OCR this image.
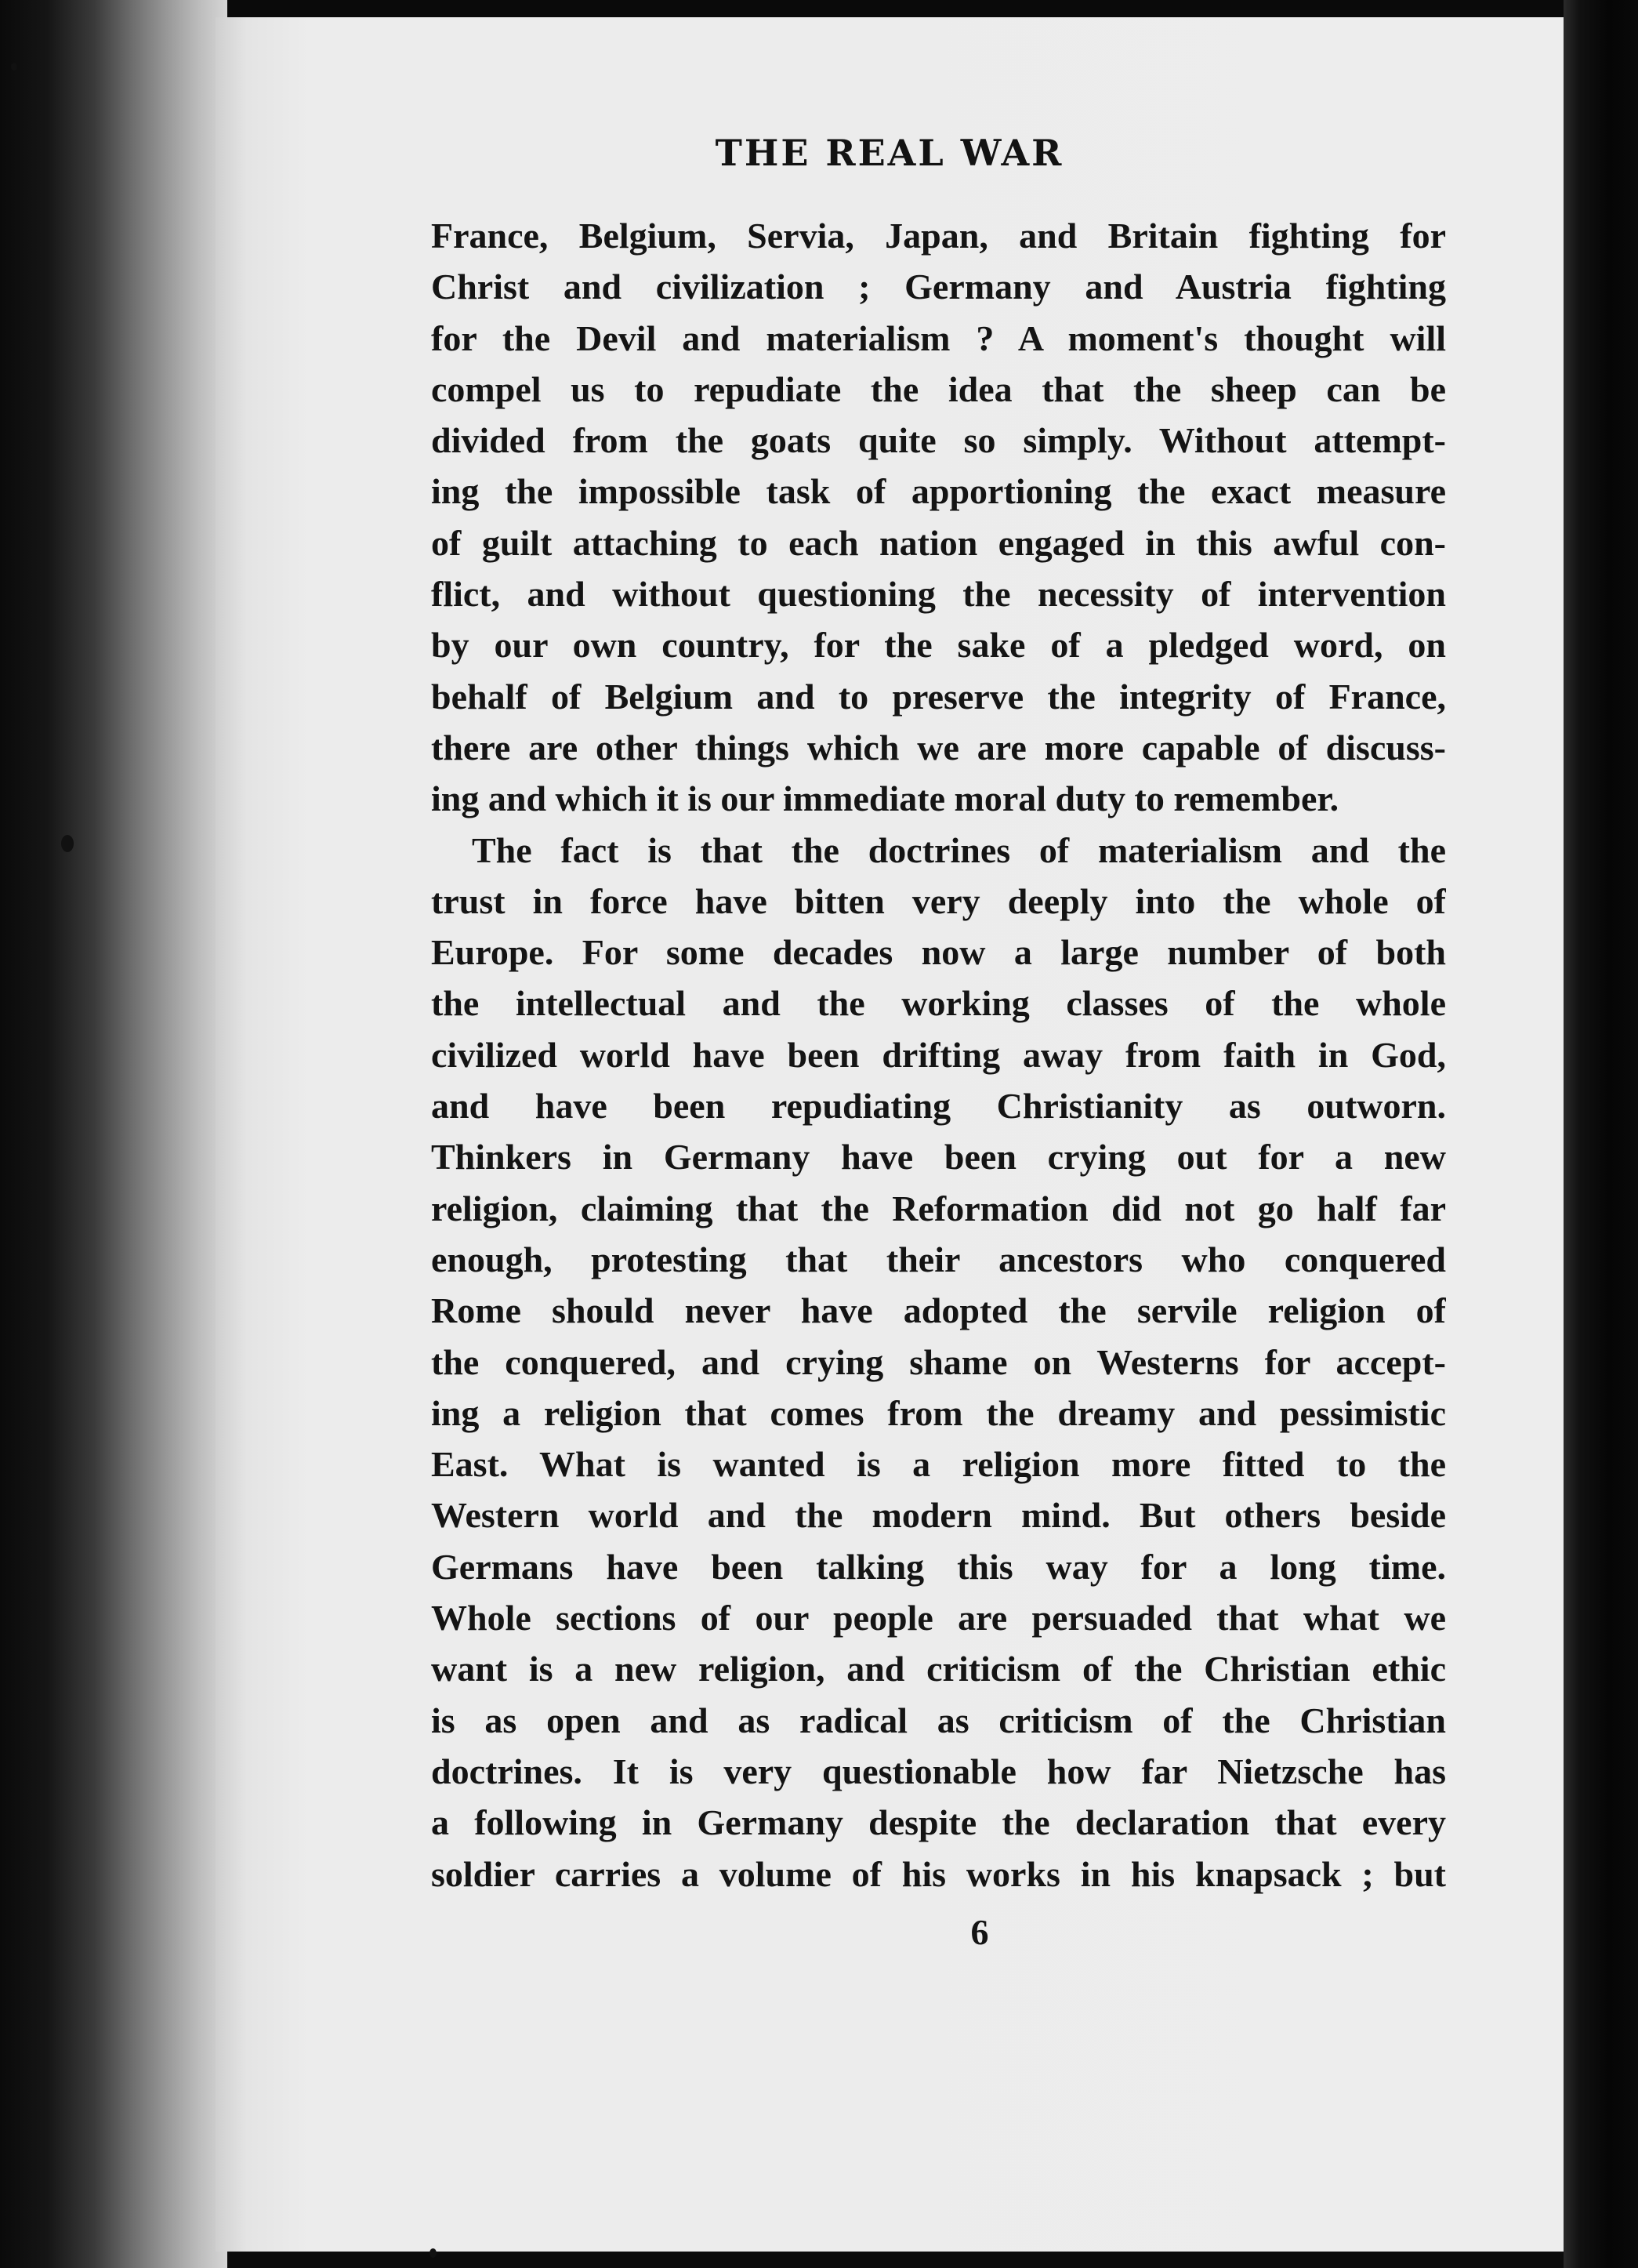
THE REAL WAR
France, Belgium, Servia, Japan, and Britain fighting for
Christ and civilization ; Germany and Austria fighting
for the Devil and materialism ? A moment's thought will
compel us to repudiate the idea that the sheep can be
divided from the goats quite so simply. Without attempt-
ing the impossible task of apportioning the exact measure
of guilt attaching to each nation engaged in this awful con-
flict, and without questioning the necessity of intervention
by our own country, for the sake of a pledged word, on
behalf of Belgium and to preserve the integrity of France,
there are other things which we are more capable of discuss-
ing and which it is our immediate moral duty to remember.
The fact is that the doctrines of materialism and the
trust in force have bitten very deeply into the whole of
Europe. For some decades now a large number of both
the intellectual and the working classes of the whole
civilized world have been drifting away from faith in God,
and have been repudiating Christianity as outworn.
Thinkers in Germany have been crying out for a new
religion, claiming that the Reformation did not go half far
enough, protesting that their ancestors who conquered
Rome should never have adopted the servile religion of
the conquered, and crying shame on Westerns for accept-
ing a religion that comes from the dreamy and pessimistic
East. What is wanted is a religion more fitted to the
Western world and the modern mind. But others beside
Germans have been talking this way for a long time.
Whole sections of our people are persuaded that what we
want is a new religion, and criticism of the Christian ethic
is as open and as radical as criticism of the Christian
doctrines. It is very questionable how far Nietzsche has
a following in Germany despite the declaration that every
soldier carries a volume of his works in his knapsack ; but
6
